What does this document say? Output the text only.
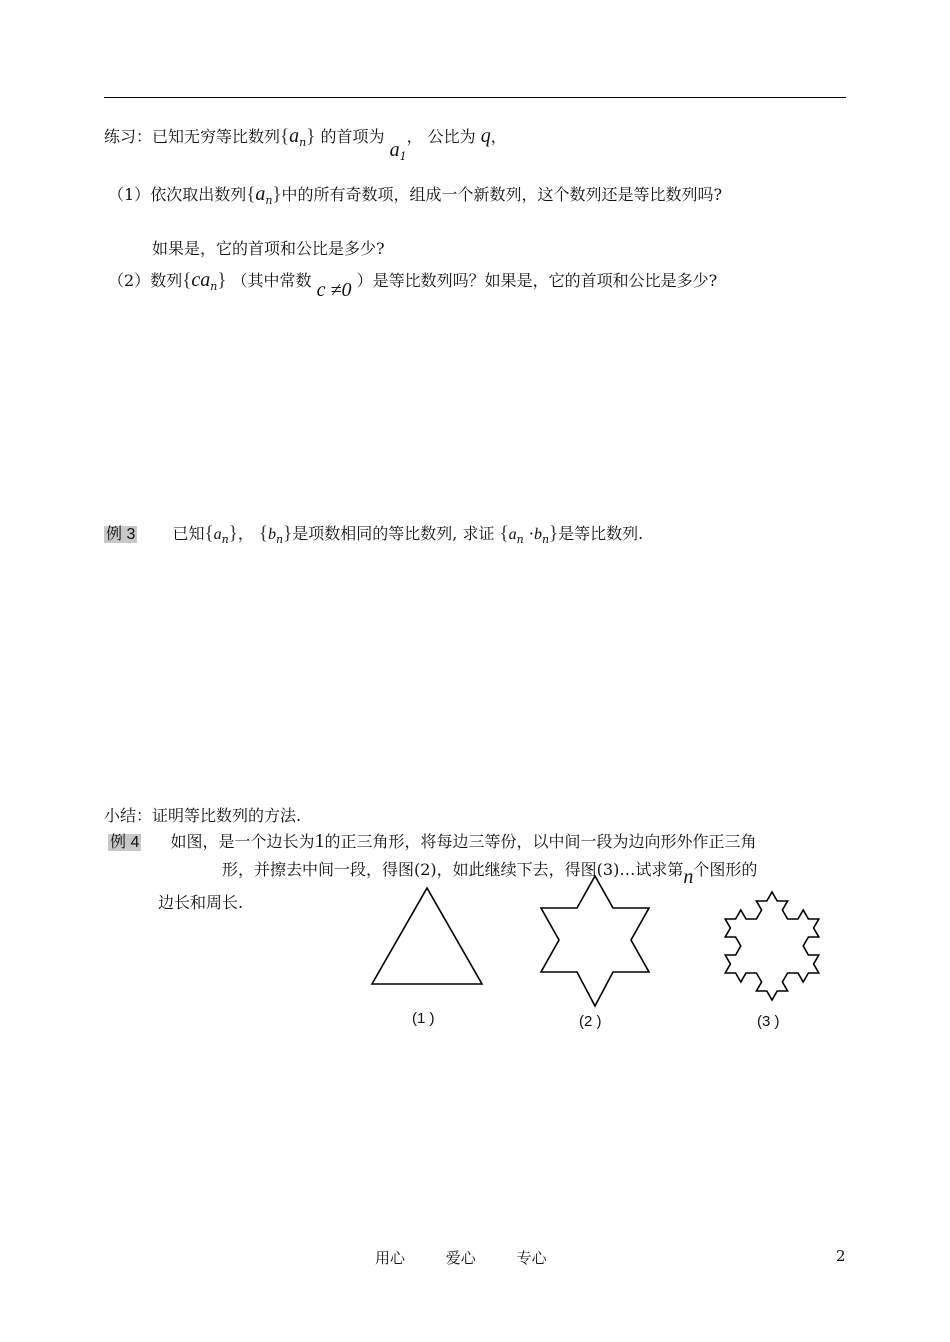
练习：已知无穷等比数列$\{a_n\}$ 的首项为 $a_1$， 公比为 q，
（1）依次取出数列$\{a_n\}$中的所有奇数项，组成一个新数列，这个数列还是等比数列吗?
如果是，它的首项和公比是多少?
（2）数列$\{ca_n\}$ （其中常数 c ≠0 ）是等比数列吗？如果是，它的首项和公比是多少?
例 3 已知$\{a_n\}$， $\{b_n\}$是项数相同的等比数列, 求证 $\{a_n \cdot b_n\}$是等比数列.
小结：证明等比数列的方法.
例 4 如图，是一个边长为1的正三角形，将每边三等份，以中间一段为边向形外作正三角
形，并擦去中间一段，得图(2)，如此继续下去，得图(3)…试求第n个图形的
边长和周长.
(1 )	(2 )	(3 )
用心	爱心	专心	2
